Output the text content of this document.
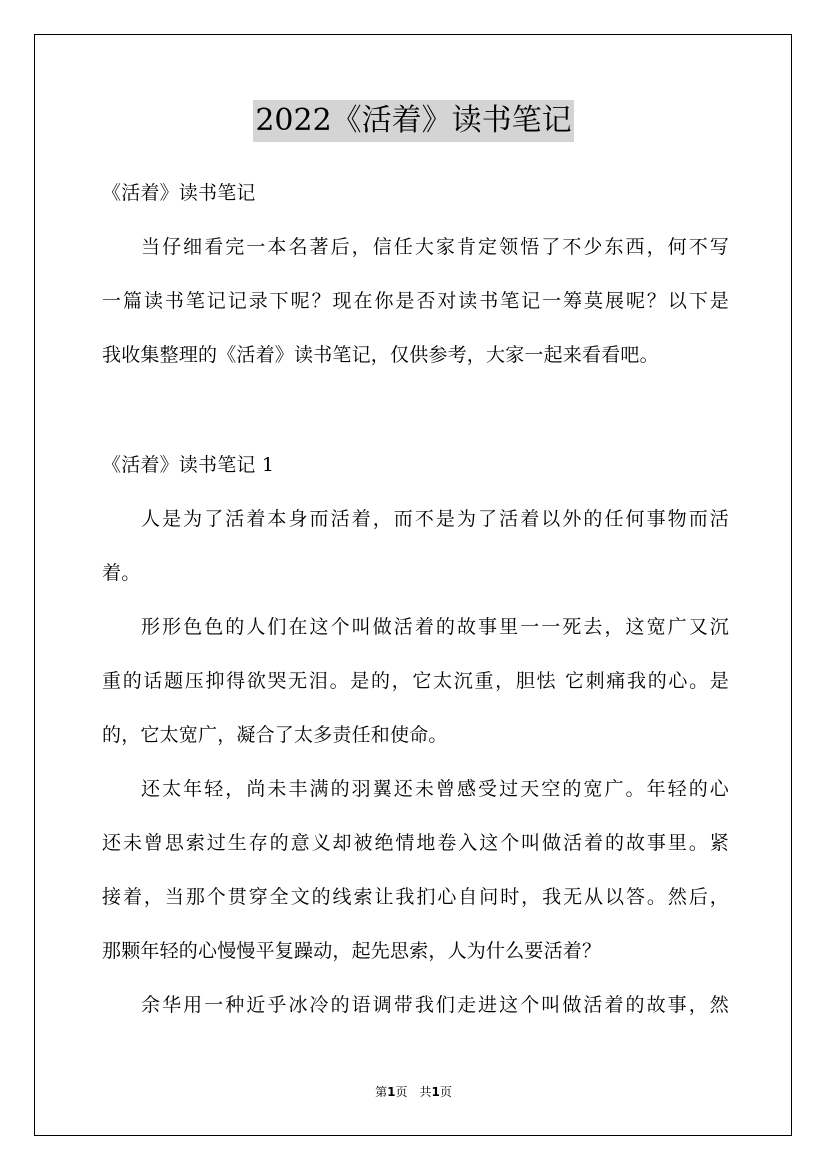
2022《活着》读书笔记
《活着》读书笔记
当仔细看完一本名著后，信任大家肯定领悟了不少东西，何不写
一篇读书笔记记录下呢？现在你是否对读书笔记一筹莫展呢？以下是
我收集整理的《活着》读书笔记，仅供参考，大家一起来看看吧。
《活着》读书笔记 1
人是为了活着本身而活着，而不是为了活着以外的任何事物而活
着。
形形色色的人们在这个叫做活着的故事里一一死去，这宽广又沉
重的话题压抑得欲哭无泪。是的，它太沉重，胆怯 它刺痛我的心。是
的，它太宽广，凝合了太多责任和使命。
还太年轻，尚未丰满的羽翼还未曾感受过天空的宽广。年轻的心
还未曾思索过生存的意义却被绝情地卷入这个叫做活着的故事里。紧
接着，当那个贯穿全文的线索让我扪心自问时，我无从以答。然后，
那颗年轻的心慢慢平复躁动，起先思索，人为什么要活着？
余华用一种近乎冰冷的语调带我们走进这个叫做活着的故事，然
第1页　共1页
